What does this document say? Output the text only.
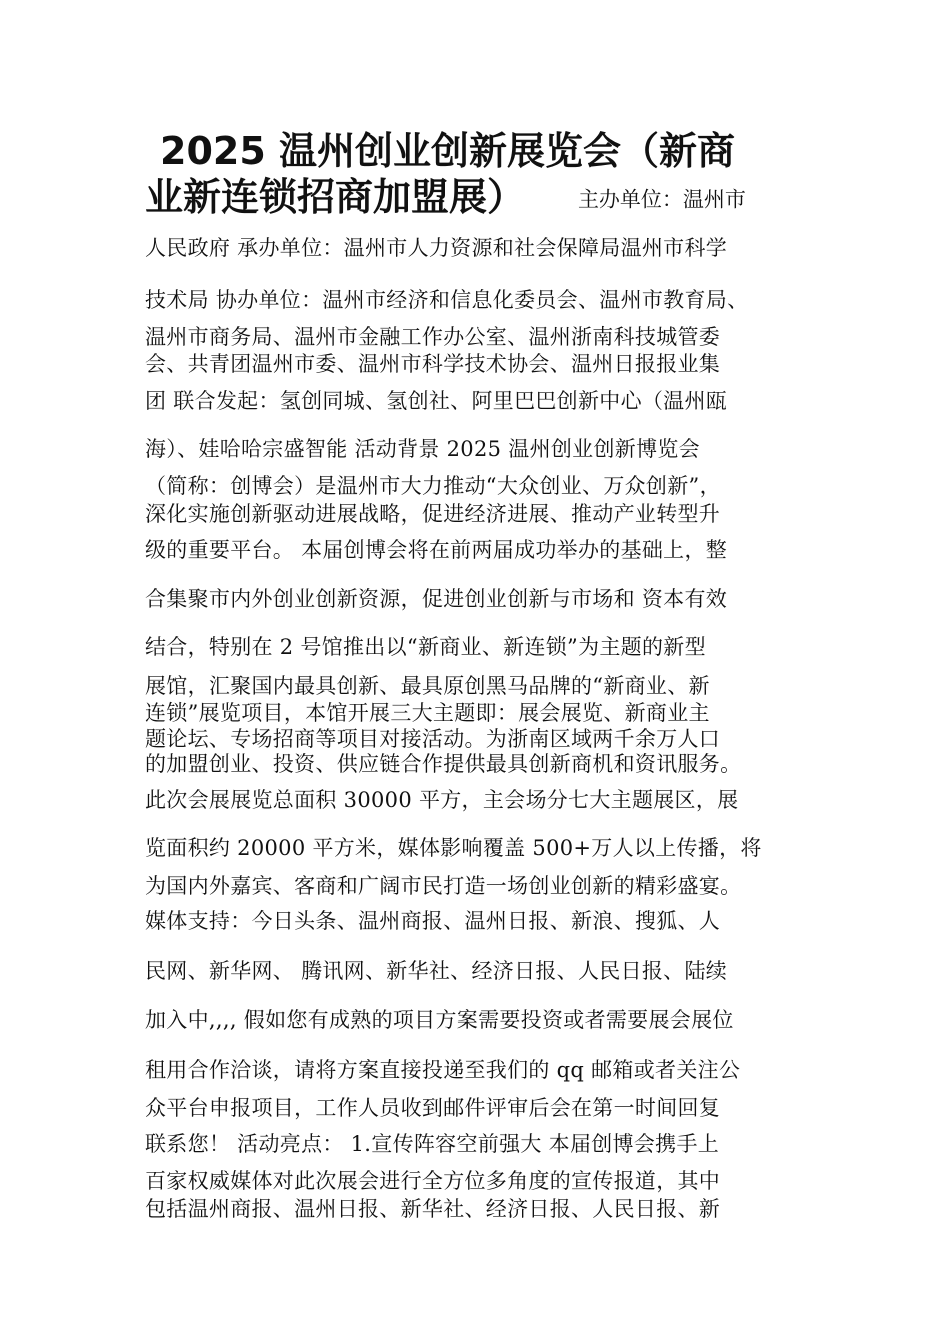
2025 温州创业创新展览会（新商
业新连锁招商加盟展）	主办单位：温州市
人民政府 承办单位：温州市人力资源和社会保障局温州市科学
技术局 协办单位：温州市经济和信息化委员会、温州市教育局、
温州市商务局、温州市金融工作办公室、温州浙南科技城管委
会、共青团温州市委、温州市科学技术协会、温州日报报业集
团 联合发起：氢创同城、氢创社、阿里巴巴创新中心（温州瓯
海）、娃哈哈宗盛智能 活动背景 2025 温州创业创新博览会
（简称：创博会）是温州市大力推动“大众创业、万众创新”，
深化实施创新驱动进展战略，促进经济进展、推动产业转型升
级的重要平台。 本届创博会将在前两届成功举办的基础上，整
合集聚市内外创业创新资源，促进创业创新与市场和 资本有效
结合，特别在 2 号馆推出以“新商业、新连锁”为主题的新型
展馆，汇聚国内最具创新、最具原创黑马品牌的“新商业、新
连锁”展览项目，本馆开展三大主题即：展会展览、新商业主
题论坛、专场招商等项目对接活动。为浙南区域两千余万人口
的加盟创业、投资、供应链合作提供最具创新商机和资讯服务。
此次会展展览总面积 30000 平方，主会场分七大主题展区，展
览面积约 20000 平方米，媒体影响覆盖 500+万人以上传播，将
为国内外嘉宾、客商和广阔市民打造一场创业创新的精彩盛宴。
媒体支持：今日头条、温州商报、温州日报、新浪、搜狐、人
民网、新华网、 腾讯网、新华社、经济日报、人民日报、陆续
加入中,,,, 假如您有成熟的项目方案需要投资或者需要展会展位
租用合作洽谈，请将方案直接投递至我们的 qq 邮箱或者关注公
众平台申报项目，工作人员收到邮件评审后会在第一时间回复
联系您！ 活动亮点： 1.宣传阵容空前强大 本届创博会携手上
百家权威媒体对此次展会进行全方位多角度的宣传报道，其中
包括温州商报、温州日报、新华社、经济日报、人民日报、新
